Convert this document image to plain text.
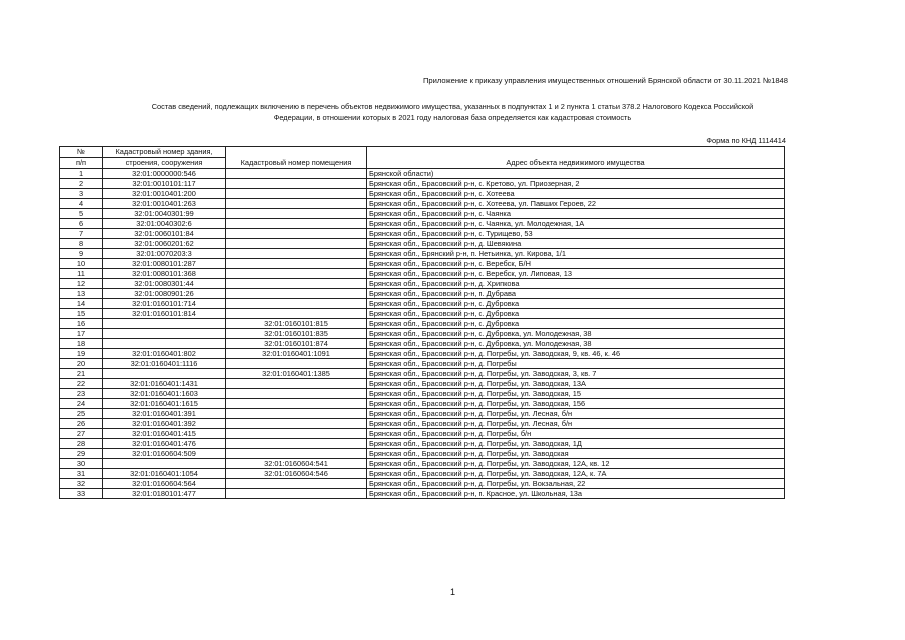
Приложение к приказу управления имущественных отношений Брянской области от 30.11.2021 №1848
Состав сведений, подлежащих включению в перечень объектов недвижимого имущества, указанных в подпунктах 1 и 2 пункта 1 статьи 378.2 Налогового Кодекса Российской
Федерации, в отношении которых в 2021 году налоговая база определяется как кадастровая стоимость
Форма по КНД 1114414
№	Кадастровый номер здания,	Кадастровый номер помещения	Адрес объекта недвижимого имущества
п/п	строения, сооружения		
1	32:01:0000000:546		Брянской области)
2	32:01:0010101:117		Брянская обл., Брасовский р-н, с. Кретово, ул. Приозерная, 2
3	32:01:0010401:200		Брянская обл., Брасовский р-н, с. Хотеева
4	32:01:0010401:263		Брянская обл., Брасовский р-н, с. Хотеева, ул. Павших Героев, 22
5	32:01:0040301:99		Брянская обл., Брасовский р-н, с. Чаянка
6	32:01:0040302:6		Брянская обл., Брасовский р-н, с. Чаянка, ул. Молодежная, 1А
7	32:01:0060101:84		Брянская обл., Брасовский р-н, с. Турищево, 53
8	32:01:0060201:62		Брянская обл., Брасовский р-н, д. Шевякина
9	32:01:0070203:3		Брянская обл., Брянский р-н, п. Нетьинка, ул. Кирова, 1/1
10	32:01:0080101:287		Брянская обл., Брасовский р-н, с. Веребск, Б/Н
11	32:01:0080101:368		Брянская обл., Брасовский р-н, с. Веребск, ул. Липовая, 13
12	32:01:0080301:44		Брянская обл., Брасовский р-н, д. Хрипкова
13	32:01:0080901:26		Брянская обл., Брасовский р-н, п. Дубрава
14	32:01:0160101:714		Брянская обл., Брасовский р-н, с. Дубровка
15	32:01:0160101:814		Брянская обл., Брасовский р-н, с. Дубровка
16		32:01:0160101:815	Брянская обл., Брасовский р-н, с. Дубровка
17		32:01:0160101:835	Брянская обл., Брасовский р-н, с. Дубровка, ул. Молодежная, 38
18		32:01:0160101:874	Брянская обл., Брасовский р-н, с. Дубровка, ул. Молодежная, 38
19	32:01:0160401:802	32:01:0160401:1091	Брянская обл., Брасовский р-н, д. Погребы, ул. Заводская, 9, кв. 46, к. 46
20	32:01:0160401:1116		Брянская обл., Брасовский р-н, д. Погребы
21		32:01:0160401:1385	Брянская обл., Брасовский р-н, д. Погребы, ул. Заводская, 3, кв. 7
22	32:01:0160401:1431		Брянская обл., Брасовский р-н, д. Погребы, ул. Заводская, 13А
23	32:01:0160401:1603		Брянская обл., Брасовский р-н, д. Погребы, ул. Заводская, 15
24	32:01:0160401:1615		Брянская обл., Брасовский р-н, д. Погребы, ул. Заводская, 156
25	32:01:0160401:391		Брянская обл., Брасовский р-н, д. Погребы, ул. Лесная, б/н
26	32:01:0160401:392		Брянская обл., Брасовский р-н, д. Погребы, ул. Лесная, б/н
27	32:01:0160401:415		Брянская обл., Брасовский р-н, д. Погребы, б/н
28	32:01:0160401:476		Брянская обл., Брасовский р-н, д. Погребы, ул. Заводская, 1Д
29	32:01:0160604:509		Брянская обл., Брасовский р-н, д. Погребы, ул. Заводская
30		32:01:0160604:541	Брянская обл., Брасовский р-н, д. Погребы, ул. Заводская, 12А, кв. 12
31	32:01:0160401:1054	32:01:0160604:546	Брянская обл., Брасовский р-н, д. Погребы, ул. Заводская, 12А, к. 7А
32	32:01:0160604:564		Брянская обл., Брасовский р-н, д. Погребы, ул. Вокзальная, 22
33	32:01:0180101:477		Брянская обл., Брасовский р-н, п. Красное, ул. Школьная, 13а
1
